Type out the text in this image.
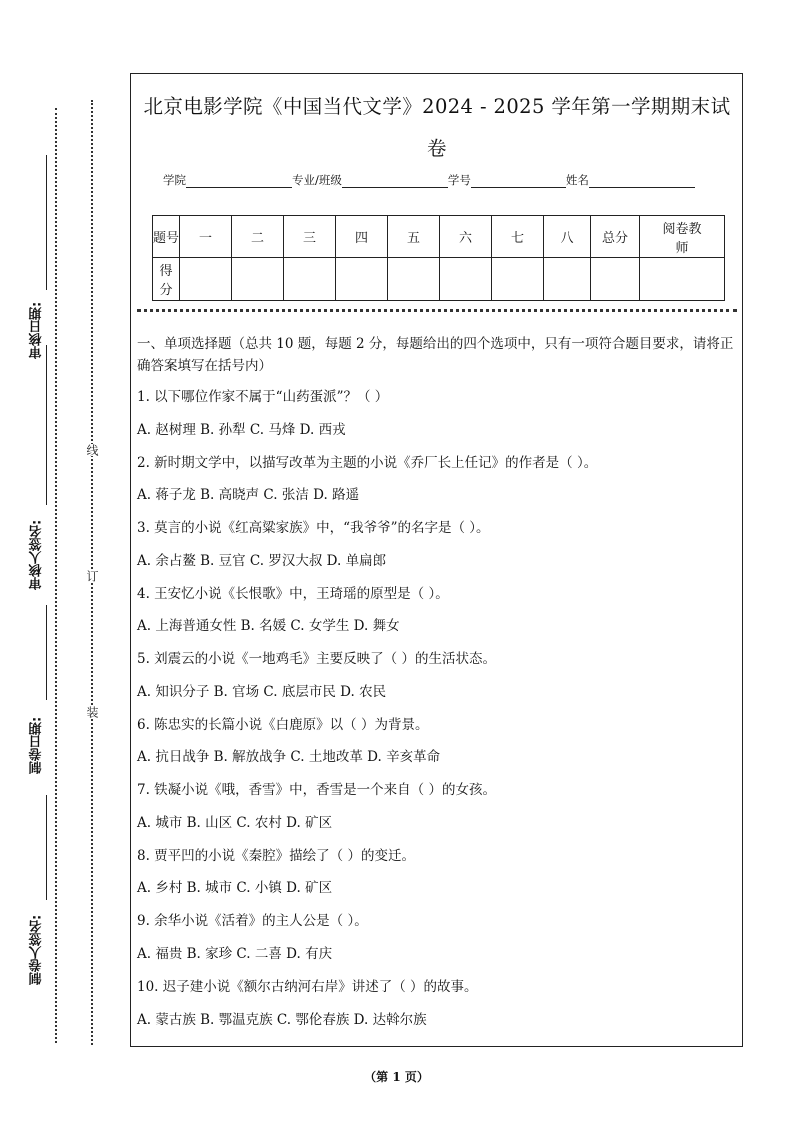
审核日期:
审核人签名:
制卷日期:
制卷人签名:
线
订
装
北京电影学院《中国当代文学》2024 - 2025 学年第一学期期末试卷
学院	专业/班级	学号	姓名
题号	一	二	三	四	五	六	七	八	总分	阅卷教师
得分										
一、单项选择题（总共 10 题，每题 2 分，每题给出的四个选项中，只有一项符合题目要求，请将正确答案填写在括号内）
1. 以下哪位作家不属于“山药蛋派”？（ ）
A. 赵树理 B. 孙犁 C. 马烽 D. 西戎
2. 新时期文学中，以描写改革为主题的小说《乔厂长上任记》的作者是（ ）。
A. 蒋子龙 B. 高晓声 C. 张洁 D. 路遥
3. 莫言的小说《红高粱家族》中，“我爷爷”的名字是（ ）。
A. 余占鳌 B. 豆官 C. 罗汉大叔 D. 单扁郎
4. 王安忆小说《长恨歌》中，王琦瑶的原型是（ ）。
A. 上海普通女性 B. 名媛 C. 女学生 D. 舞女
5. 刘震云的小说《一地鸡毛》主要反映了（ ）的生活状态。
A. 知识分子 B. 官场 C. 底层市民 D. 农民
6. 陈忠实的长篇小说《白鹿原》以（ ）为背景。
A. 抗日战争 B. 解放战争 C. 土地改革 D. 辛亥革命
7. 铁凝小说《哦，香雪》中，香雪是一个来自（ ）的女孩。
A. 城市 B. 山区 C. 农村 D. 矿区
8. 贾平凹的小说《秦腔》描绘了（ ）的变迁。
A. 乡村 B. 城市 C. 小镇 D. 矿区
9. 余华小说《活着》的主人公是（ ）。
A. 福贵 B. 家珍 C. 二喜 D. 有庆
10. 迟子建小说《额尔古纳河右岸》讲述了（ ）的故事。
A. 蒙古族 B. 鄂温克族 C. 鄂伦春族 D. 达斡尔族
（第 1 页）
